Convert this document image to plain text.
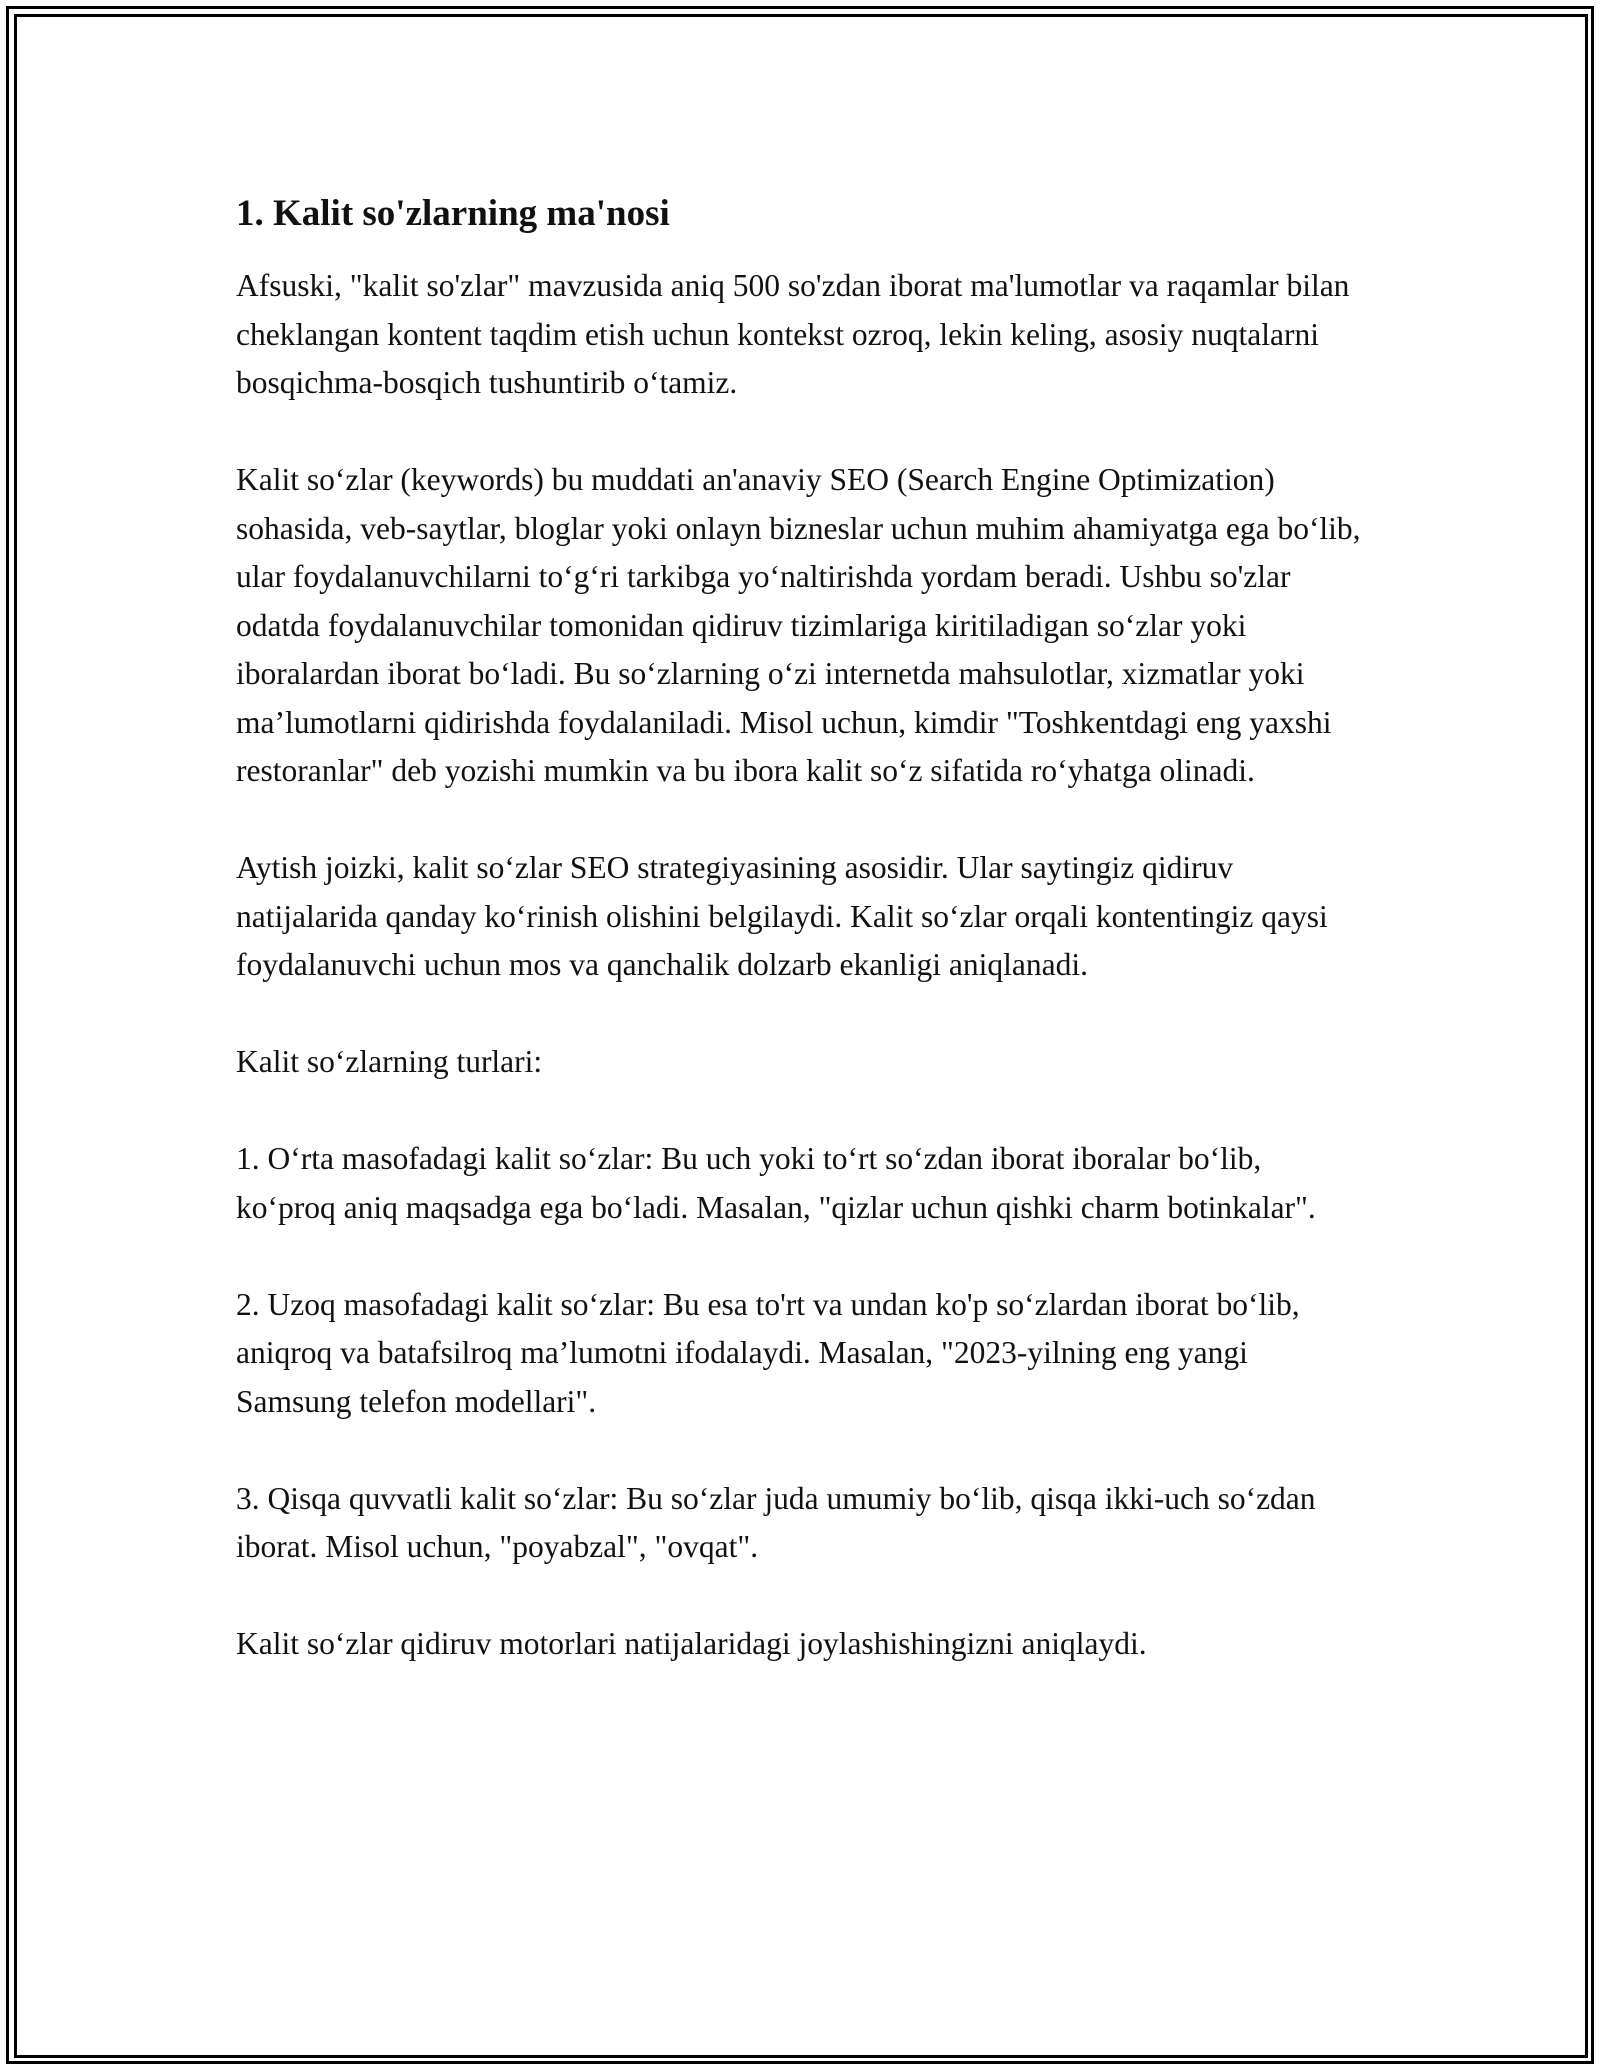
1. Kalit so'zlarning ma'nosi

Afsuski, "kalit so'zlar" mavzusida aniq 500 so'zdan iborat ma'lumotlar va raqamlar bilan cheklangan kontent taqdim etish uchun kontekst ozroq, lekin keling, asosiy nuqtalarni bosqichma-bosqich tushuntirib oʻtamiz.

Kalit soʻzlar (keywords) bu muddati an'anaviy SEO (Search Engine Optimization) sohasida, veb-saytlar, bloglar yoki onlayn bizneslar uchun muhim ahamiyatga ega boʻlib, ular foydalanuvchilarni toʻgʻri tarkibga yoʻnaltirishda yordam beradi. Ushbu so'zlar odatda foydalanuvchilar tomonidan qidiruv tizimlariga kiritiladigan soʻzlar yoki iboralardan iborat boʻladi. Bu soʻzlarning oʻzi internetda mahsulotlar, xizmatlar yoki ma’lumotlarni qidirishda foydalaniladi. Misol uchun, kimdir "Toshkentdagi eng yaxshi restoranlar" deb yozishi mumkin va bu ibora kalit soʻz sifatida roʻyhatga olinadi.

Aytish joizki, kalit soʻzlar SEO strategiyasining asosidir. Ular saytingiz qidiruv natijalarida qanday koʻrinish olishini belgilaydi. Kalit soʻzlar orqali kontentingiz qaysi foydalanuvchi uchun mos va qanchalik dolzarb ekanligi aniqlanadi.

Kalit soʻzlarning turlari:

1. Oʻrta masofadagi kalit soʻzlar: Bu uch yoki toʻrt soʻzdan iborat iboralar boʻlib, koʻproq aniq maqsadga ega boʻladi. Masalan, "qizlar uchun qishki charm botinkalar".

2. Uzoq masofadagi kalit soʻzlar: Bu esa to'rt va undan ko'p soʻzlardan iborat boʻlib, aniqroq va batafsilroq ma’lumotni ifodalaydi. Masalan, "2023-yilning eng yangi Samsung telefon modellari".

3. Qisqa quvvatli kalit soʻzlar: Bu soʻzlar juda umumiy boʻlib, qisqa ikki-uch soʻzdan iborat. Misol uchun, "poyabzal", "ovqat".

Kalit soʻzlar qidiruv motorlari natijalaridagi joylashishingizni aniqlaydi.
